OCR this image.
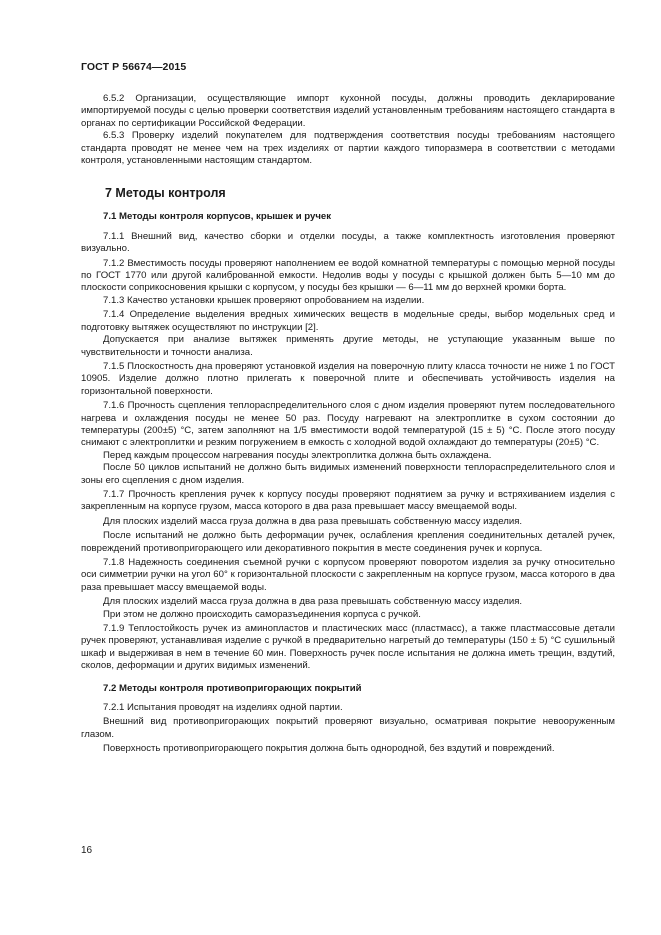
ГОСТ Р 56674—2015

6.5.2 Организации, осуществляющие импорт кухонной посуды, должны проводить декларирование импортируемой посуды с целью проверки соответствия изделий установленным требованиям настоящего стандарта в органах по сертификации Российской Федерации.

6.5.3 Проверку изделий покупателем для подтверждения соответствия посуды требованиям настоящего стандарта проводят не менее чем на трех изделиях от партии каждого типоразмера в соответствии с методами контроля, установленными настоящим стандартом.

7 Методы контроля
7.1 Методы контроля корпусов, крышек и ручек

7.1.1 Внешний вид, качество сборки и отделки посуды, а также комплектность изготовления проверяют визуально.

7.1.2 Вместимость посуды проверяют наполнением ее водой комнатной температуры с помощью мерной посуды по ГОСТ 1770 или другой калиброванной емкости. Недолив воды у посуды с крышкой должен быть 5—10 мм до плоскости соприкосновения крышки с корпусом, у посуды без крышки — 6—11 мм до верхней кромки борта.

7.1.3 Качество установки крышек проверяют опробованием на изделии.

7.1.4 Определение выделения вредных химических веществ в модельные среды, выбор модельных сред и подготовку вытяжек осуществляют по инструкции [2].

Допускается при анализе вытяжек применять другие методы, не уступающие указанным выше по чувствительности и точности анализа.

7.1.5 Плоскостность дна проверяют установкой изделия на поверочную плиту класса точности не ниже 1 по ГОСТ 10905. Изделие должно плотно прилегать к поверочной плите и обеспечивать устойчивость изделия на горизонтальной поверхности.

7.1.6 Прочность сцепления теплораспределительного слоя с дном изделия проверяют путем последовательного нагрева и охлаждения посуды не менее 50 раз. Посуду нагревают на электроплитке в сухом состоянии до температуры (200±5) °С, затем заполняют на 1/5 вместимости водой температурой (15 ± 5) °С. После этого посуду снимают с электроплитки и резким погружением в емкость с холодной водой охлаждают до температуры (20±5) °С.

Перед каждым процессом нагревания посуды электроплитка должна быть охлаждена.

После 50 циклов испытаний не должно быть видимых изменений поверхности теплораспределительного слоя и зоны его сцепления с дном изделия.

7.1.7 Прочность крепления ручек к корпусу посуды проверяют поднятием за ручку и встряхиванием изделия с закрепленным на корпусе грузом, масса которого в два раза превышает массу вмещаемой воды.

Для плоских изделий масса груза должна в два раза превышать собственную массу изделия.

После испытаний не должно быть деформации ручек, ослабления крепления соединительных деталей ручек, повреждений противопригорающего или декоративного покрытия в месте соединения ручек и корпуса.

7.1.8 Надежность соединения съемной ручки с корпусом проверяют поворотом изделия за ручку относительно оси симметрии ручки на угол 60° к горизонтальной плоскости с закрепленным на корпусе грузом, масса которого в два раза превышает массу вмещаемой воды.

Для плоских изделий масса груза должна в два раза превышать собственную массу изделия.

При этом не должно происходить саморазъединения корпуса с ручкой.

7.1.9 Теплостойкость ручек из аминопластов и пластических масс (пластмасс), а также пластмассовые детали ручек проверяют, устанавливая изделие с ручкой в предварительно нагретый до температуры (150 ± 5) °С сушильный шкаф и выдерживая в нем в течение 60 мин. Поверхность ручек после испытания не должна иметь трещин, вздутий, сколов, деформации и других видимых изменений.

7.2 Методы контроля противопригорающих покрытий

7.2.1 Испытания проводят на изделиях одной партии.

Внешний вид противопригорающих покрытий проверяют визуально, осматривая покрытие невооруженным глазом.

Поверхность противопригорающего покрытия должна быть однородной, без вздутий и повреждений.

16
